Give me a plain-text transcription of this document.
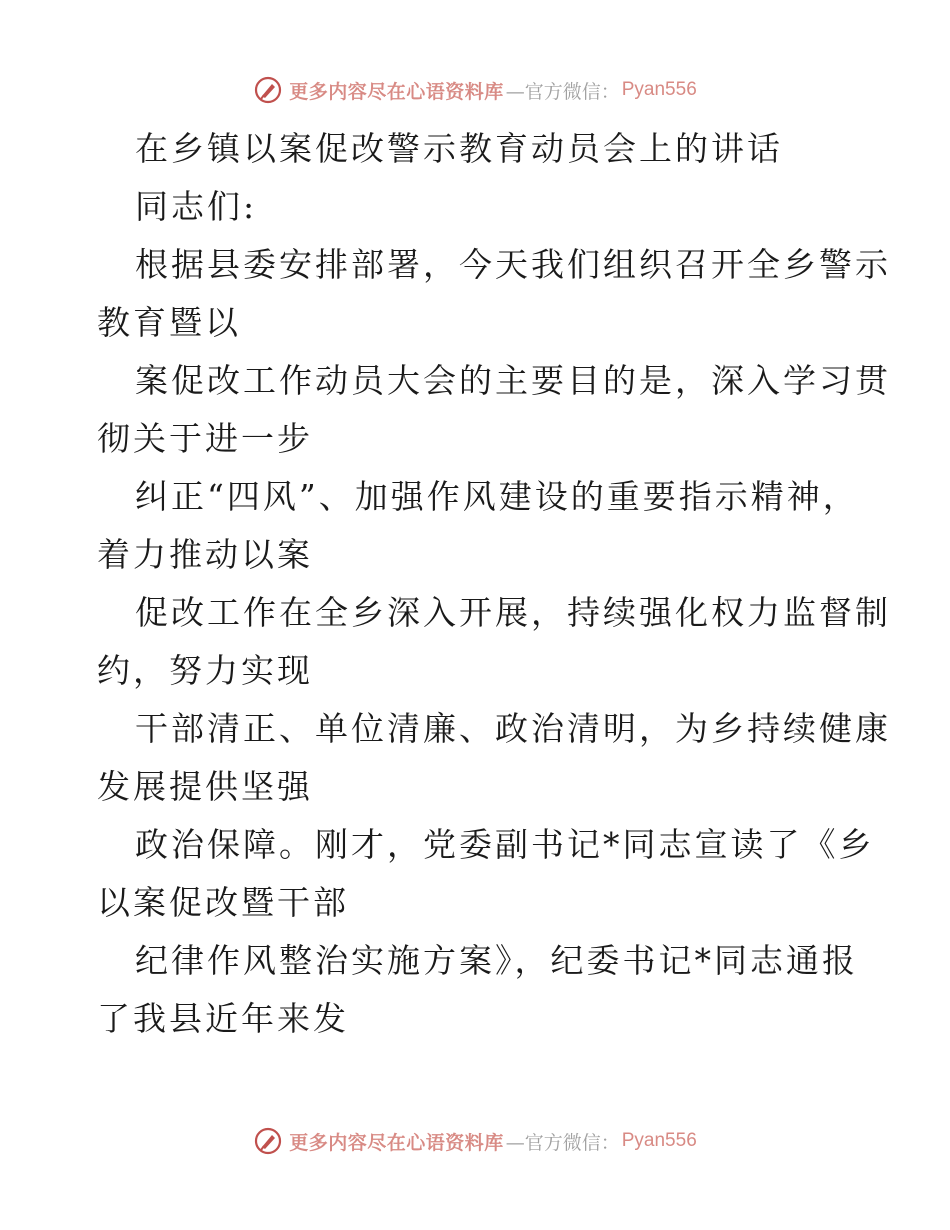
更多内容尽在心语资料库 —官方微信： Pyan556
在乡镇以案促改警示教育动员会上的讲话
同志们:
根据县委安排部署，今天我们组织召开全乡警示
教育暨以
案促改工作动员大会的主要目的是，深入学习贯
彻关于进一步
纠正“四风”、加强作风建设的重要指示精神，
着力推动以案
促改工作在全乡深入开展，持续强化权力监督制
约，努力实现
干部清正、单位清廉、政治清明，为乡持续健康
发展提供坚强
政治保障。刚才，党委副书记*同志宣读了《乡
以案促改暨干部
纪律作风整治实施方案》，纪委书记*同志通报
了我县近年来发
更多内容尽在心语资料库 —官方微信： Pyan556
